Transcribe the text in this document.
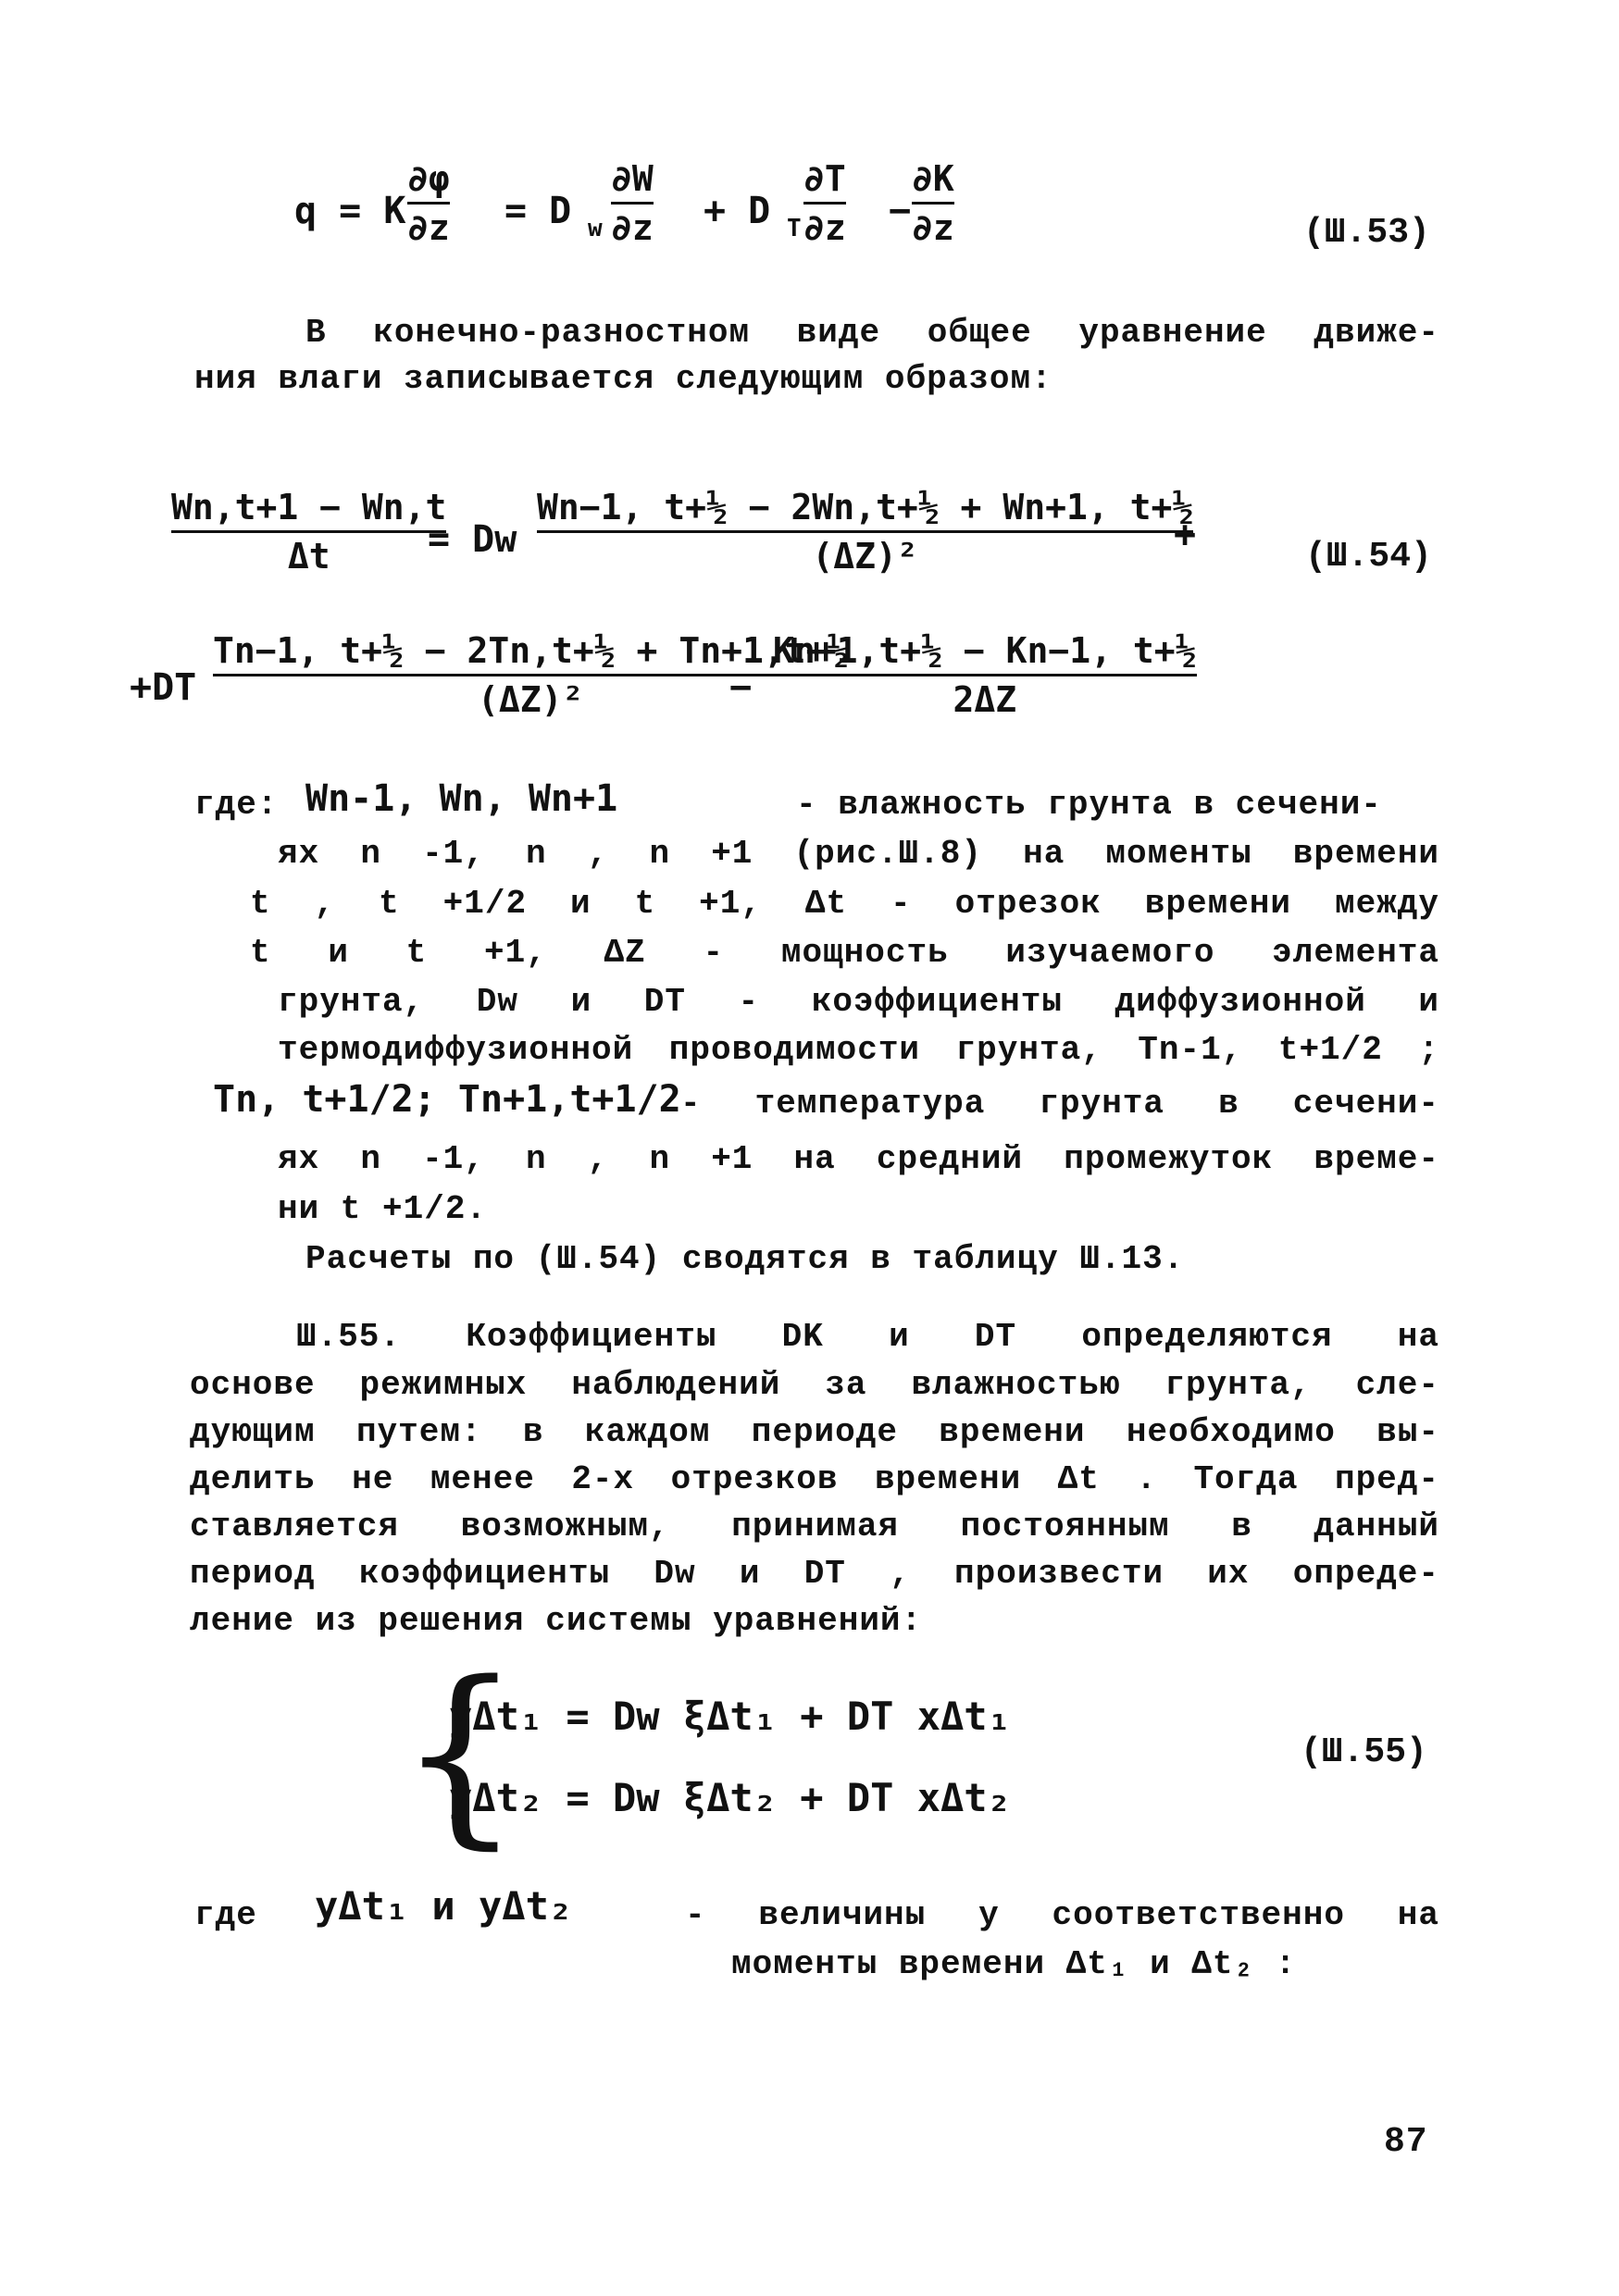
q = K
∂φ
∂z = D w
∂W
∂z + D T
∂T
∂z −
∂K
∂z	(Ш.53)
В конечно-разностном виде общее уравнение движе-
ния влаги записывается следующим образом:
Wn,t+1 − Wn,t
Δt	= Dw
Wn−1, t+½ − 2Wn,t+½ + Wn+1, t+½
(ΔZ)²	+
(Ш.54)
+DT
Tn−1, t+½ − 2Tn,t+½ + Tn+1,t+½
(ΔZ)²	−
Kn+1,t+½ − Kn−1, t+½
2ΔZ
где: Wn-1, Wn, Wn+1	- влажность грунта в сечени-
ях n -1, n , n +1 (рис.Ш.8) на моменты времени
t , t +1/2 и t +1, Δt - отрезок времени между
t и t +1, ΔZ - мощность изучаемого элемента
грунта, Dw и DT - коэффициенты диффузионной и
термодиффузионной проводимости грунта, Tn-1, t+1/2 ;
Tn, t+1/2; Tn+1,t+1/2 - температура грунта в сечени-
ях n -1, n , n +1 на средний промежуток време-
ни t +1/2.
Расчеты по (Ш.54) сводятся в таблицу Ш.13.
Ш.55. Коэффициенты DK и DT определяются на
основе режимных наблюдений за влажностью грунта, сле-
дующим путем: в каждом периоде времени необходимо вы-
делить не менее 2-х отрезков времени Δt . Тогда пред-
ставляется возможным, принимая постоянным в данный
период коэффициенты Dw и DT , произвести их опреде-
ление из решения системы уравнений:
{
yΔt₁ = Dw ξΔt₁ + DT xΔt₁
yΔt₂ = Dw ξΔt₂ + DT xΔt₂
(Ш.55)
где yΔt₁ и yΔt₂	- величины y соответственно на
моменты времени Δt₁ и Δt₂ :
87
